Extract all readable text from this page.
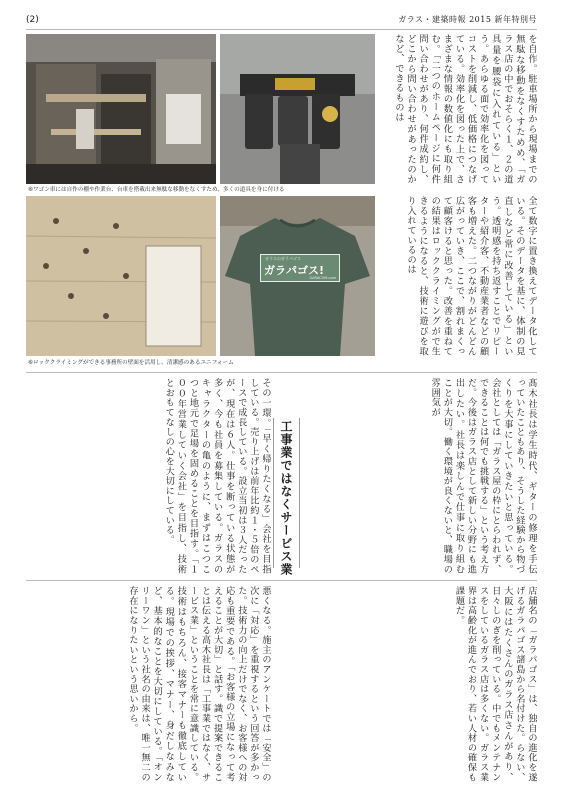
(2)	ガラス・建築時報 2015 新年特別号
⑥ワゴン車には自作の棚や作業台、台車を搭載出来無駄な移動をなくすため、多くの道具を身に付ける
ガラスのガラパゴス
ガラパゴス!
GARACOM.com
⑥ロッククライミングができる事務所の壁面を活用し、清潔感のあるユニフォーム
を自作。駐車場所から現場までの無駄な移動をなくすためめ、「ガラス店の中でおそらく１、２の道具量を腰袋に入れている」という。あらゆる面で効率化を図ってコストを削減し、低価格につなげている。効率化を図った上で、さまざまな情報の数値化にも取り組む。「二つのホームページに何件問い合わせがあり、何件成約し、どこから問い合わせがあったのかなど、できるものは
全て数字に置き換えてデータ化している。そのデータを基に、体制の見直しなど常に改善している」という。透明感を持ち返すことでリピーターや紹介客、不動産業者などの顧客も増えた。二つながりがどんどん広がっていき、ここで、割れまくって顧客けると思った。改善を重ねての結果はロッククライミングがで生きるようになると、技術に遊びを取り入れているのは
工事業ではなくサービス業
その一環。「早く帰りたくなる」会社を目指している。売り上げは前年比約１・５倍のペースで成長している。設立当初は３人だったが、現在は６人。仕事を断っている状態が多く、今も社員を募集している。ガラスのキャラクターの亀のように、まずはこつこつと地元で足場を固めることを目指す。「１００年営業していく会社」を目指し、技術とおもてなしの心を大切にしている。
髙木社長は学生時代、ギターの修理を手伝っていたこともあり、そうした経験から物づくりを大事にしていきたいと思っている。会社としては「ガラス屋の枠にとらわれず、できることは何でも挑戦する」という考え方だ。今後はガラス店として新しい分野にも進出したい。社長は楽しんで仕事に取り組むことが大切。働く環境が良くないと、職場の雰囲気が
悪くなる。施主のアンケートでは「安全」の次に「対応」を重視するという回答が多かった。技術力の向上だけでなく、お客様への対応も重要である。「お客様の立場になって考えることが大切」と話す。識で提案できることは伝える高木社長は「工事業ではなく、サービス業」ということを常に意識している。技術はもちろん、接客マナーも徹底している。現場での挨拶、マナー、身だしなみなど、基本的なことを大切にしている。「オンリーワン」という社名の由来は、唯一無二の存在になりたいという思いから。	店舗名の「ガラパゴス」は、独自の進化を遂げるガラパゴス諸島から名付けた。らない、大阪にはたくさんのガラス店さんがあり、日々しのぎを削っている。中でもメンテナンスをしているガラス店は多くない。ガラス業界は高齢化が進んでおり、若い人材の確保も課題だ。
